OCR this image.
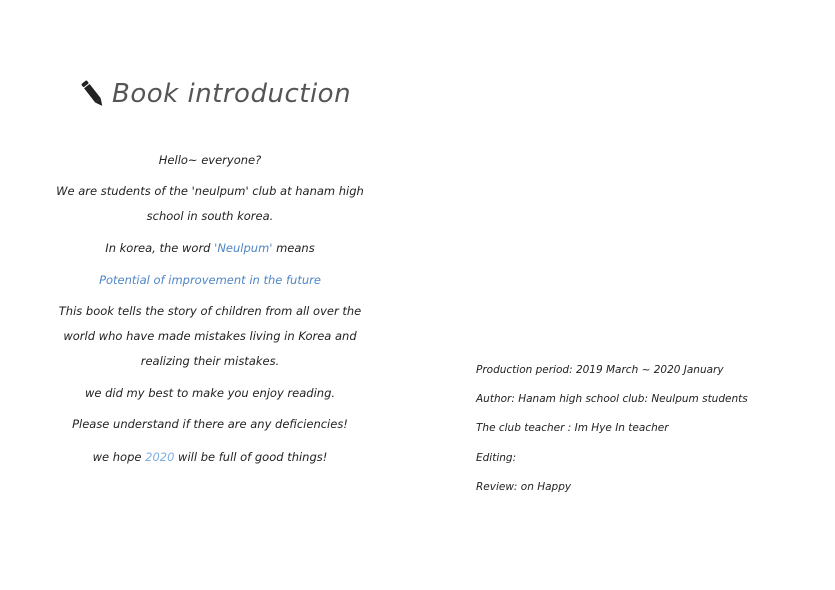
Book introduction

Hello~ everyone?

We are students of the 'neulpum' club at hanam high school in south korea.

In korea, the word 'Neulpum' means

Potential of improvement in the future

This book tells the story of children from all over the world who have made mistakes living in Korea and realizing their mistakes.

we did my best to make you enjoy reading.

Please understand if there are any deficiencies!

we hope 2020 will be full of good things!

Production period: 2019 March ~ 2020 January
Author: Hanam high school club: Neulpum students
The club teacher : Im Hye In teacher
Editing:
Review: on Happy
